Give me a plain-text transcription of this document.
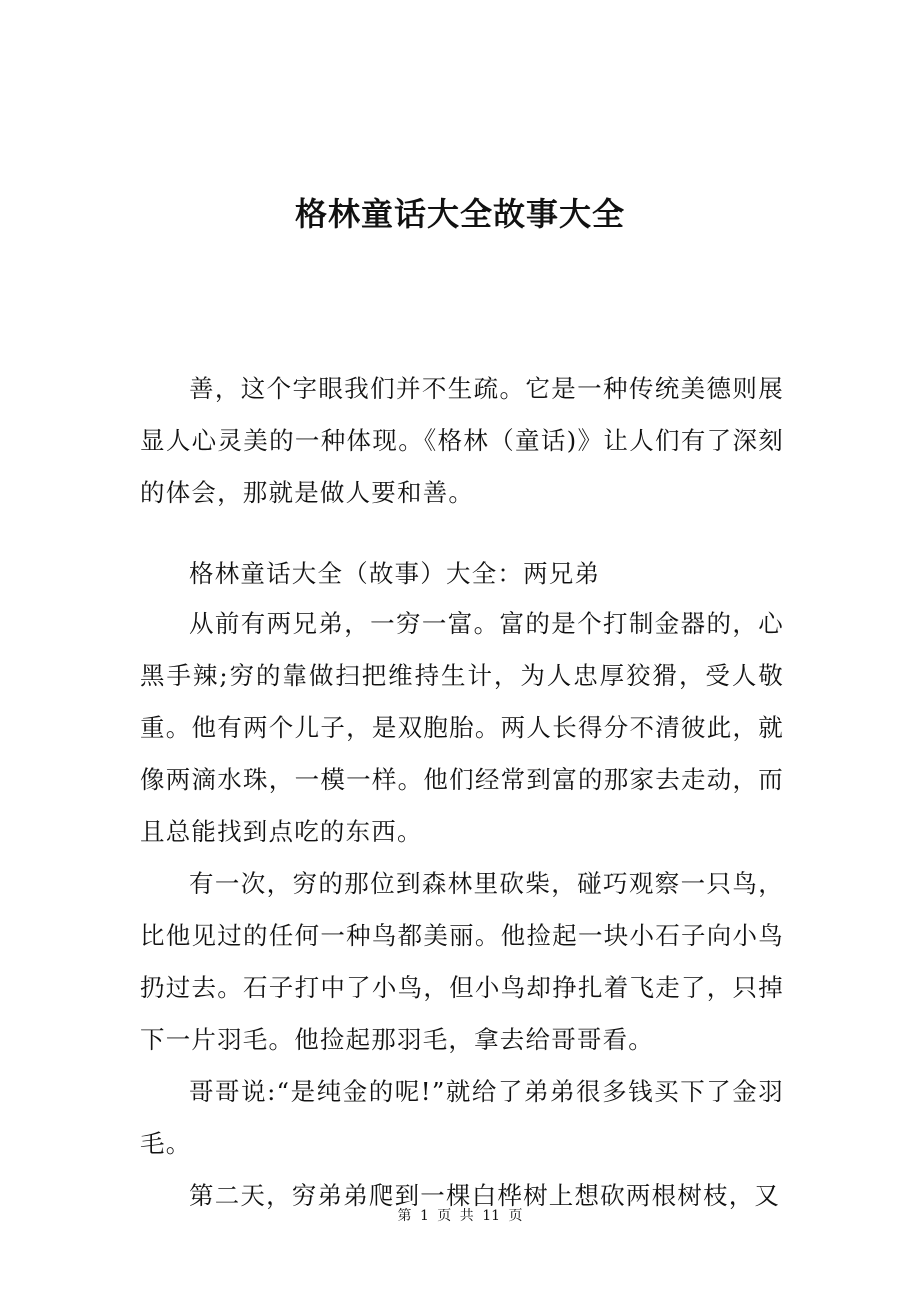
格林童话大全故事大全

善，这个字眼我们并不生疏。它是一种传统美德则展显人心灵美的一种体现。《格林（童话)》让人们有了深刻的体会，那就是做人要和善。

格林童话大全（故事）大全：两兄弟

从前有两兄弟，一穷一富。富的是个打制金器的，心黑手辣;穷的靠做扫把维持生计，为人忠厚狡猾，受人敬重。他有两个儿子，是双胞胎。两人长得分不清彼此，就像两滴水珠，一模一样。他们经常到富的那家去走动，而且总能找到点吃的东西。

有一次，穷的那位到森林里砍柴，碰巧观察一只鸟，比他见过的任何一种鸟都美丽。他捡起一块小石子向小鸟扔过去。石子打中了小鸟，但小鸟却挣扎着飞走了，只掉下一片羽毛。他捡起那羽毛，拿去给哥哥看。

哥哥说:“是纯金的呢!”就给了弟弟很多钱买下了金羽毛。

第二天，穷弟弟爬到一棵白桦树上想砍两根树枝，又

第 1 页 共 11 页
